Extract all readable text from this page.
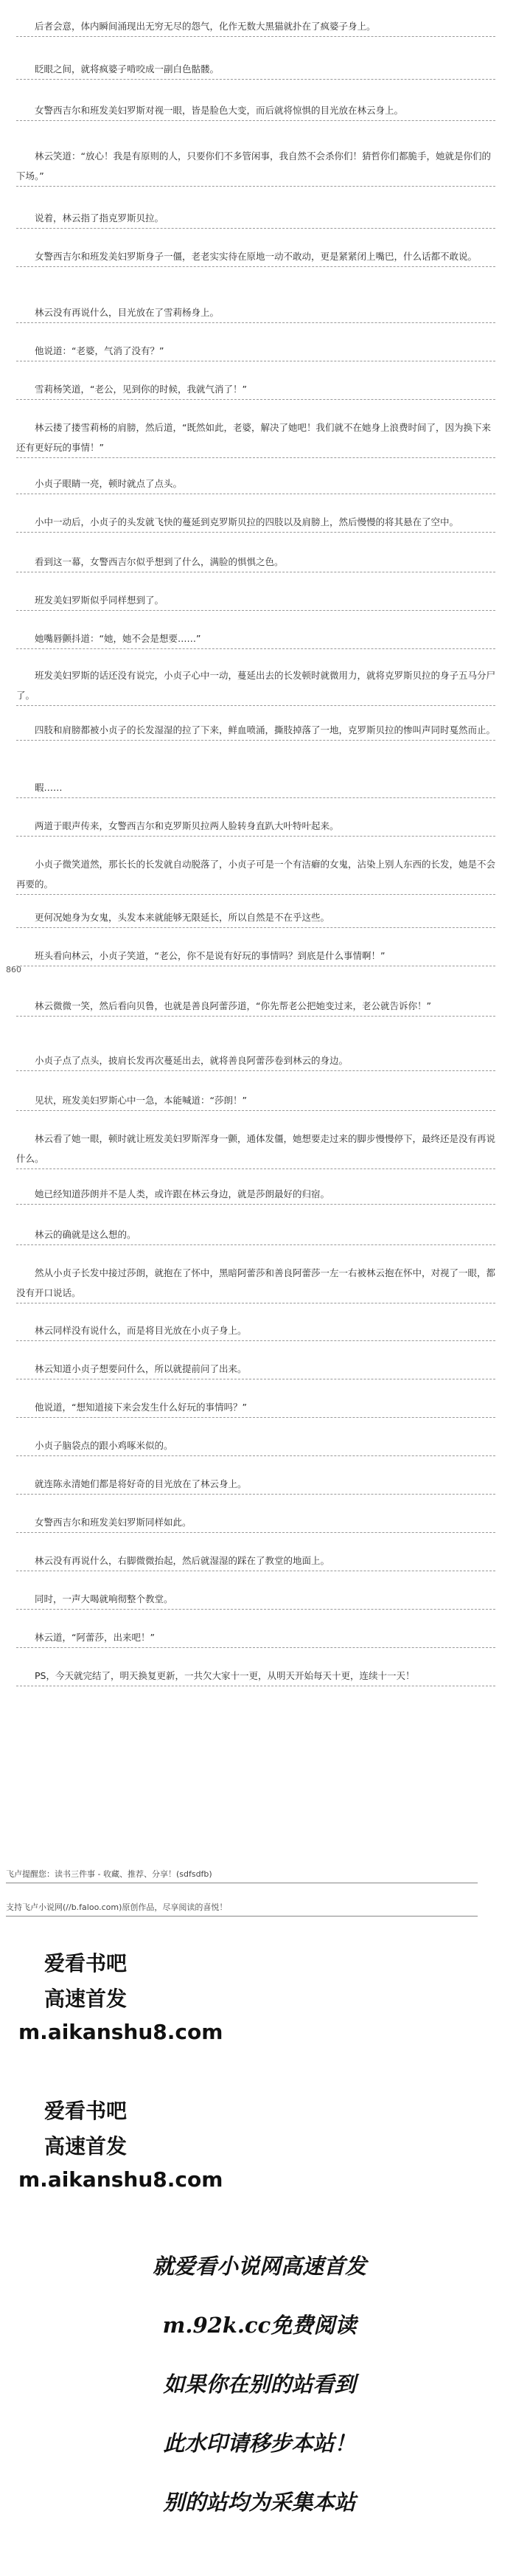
后者会意，体内瞬间涌现出无穷无尽的怨气，化作无数大黑猫就扑在了疯婆子身上。

眨眼之间，就将疯婆子啃咬成一副白色骷髅。

女警西吉尔和班发美妇罗斯对视一眼，皆是脸色大变，而后就将惊惧的目光放在林云身上。

林云笑道：“放心！我是有原则的人，只要你们不多管闲事，我自然不会杀你们！猜哲你们都脆手，她就是你们的下场。”

说着，林云指了指克罗斯贝拉。

女警西吉尔和班发美妇罗斯身子一僵，老老实实待在原地一动不敢动，更是紧紧闭上嘴巴，什么话都不敢说。

林云没有再说什么，目光放在了雪莉杨身上。

他说道：“老婆，气消了没有？”

雪莉杨笑道，“老公，见到你的时候，我就气消了！”

林云搂了搂雪莉杨的肩膀，然后道，“既然如此，老婆，解决了她吧！我们就不在她身上浪费时间了，因为换下来还有更好玩的事情！”

小贞子眼睛一亮，顿时就点了点头。

小中一动后，小贞子的头发就飞快的蔓延到克罗斯贝拉的四肢以及肩膀上，然后慢慢的将其悬在了空中。

看到这一幕，女警西吉尔似乎想到了什么，满脸的惧惧之色。

班发美妇罗斯似乎同样想到了。

她嘴唇颤抖道：“她，她不会是想要……”

班发美妇罗斯的话还没有说完，小贞子心中一动，蔓延出去的长发顿时就微用力，就将克罗斯贝拉的身子五马分尸了。

四肢和肩膀都被小贞子的长发湿湿的拉了下来，鲜血喷涌，撕肢掉落了一地，克罗斯贝拉的惨叫声同时戛然而止。

暇……

两道于眼声传来，女警西吉尔和克罗斯贝拉两人脸转身直趴大叶特叶起来。

小贞子微笑道然，那长长的长发就自动脱落了，小贞子可是一个有洁癖的女鬼，沾染上别人东西的长发，她是不会再要的。

更何况她身为女鬼，头发本来就能够无限延长，所以自然是不在乎这些。

班头看向林云，小贞子笑道，“老公，你不是说有好玩的事情吗？到底是什么事情啊！”

林云微微一笑，然后看向贝鲁，也就是善良阿蕾莎道，“你先帮老公把她变过来，老公就告诉你！”

小贞子点了点头，披肩长发再次蔓延出去，就将善良阿蕾莎卷到林云的身边。

见状，班发美妇罗斯心中一急，本能喊道：“莎朗！”

林云看了她一眼，顿时就让班发美妇罗斯浑身一颤，通体发僵，她想要走过来的脚步慢慢停下，最终还是没有再说什么。

她已经知道莎朗并不是人类，或许跟在林云身边，就是莎朗最好的归宿。

林云的确就是这么想的。

然从小贞子长发中接过莎朗，就抱在了怀中，黑暗阿蕾莎和善良阿蕾莎一左一右被林云抱在怀中，对视了一眼，都没有开口说话。

林云同样没有说什么，而是将目光放在小贞子身上。

林云知道小贞子想要问什么，所以就提前问了出来。

他说道，“想知道接下来会发生什么好玩的事情吗？”

小贞子脑袋点的跟小鸡啄米似的。

就连陈永清她们都是将好奇的目光放在了林云身上。

女警西吉尔和班发美妇罗斯同样如此。

林云没有再说什么，右脚微微抬起，然后就湿湿的踩在了教堂的地面上。

同时，一声大喝就响彻整个教堂。

林云道，“阿蕾莎，出来吧！”

PS，今天就完结了，明天换复更新，一共欠大家十一更，从明天开始每天十更，连续十一天！

860
飞卢提醒您：读书三件事 - 收藏、推荐、分享！(sdfsdfb)
支持飞卢小说网(//b.faloo.com)原创作品，尽享阅读的喜悦！
爱看书吧
高速首发
m.aikanshu8.com
爱看书吧
高速首发
m.aikanshu8.com
就爱看小说网高速首发
m.92k.cc免费阅读
如果你在别的站看到
此水印请移步本站！
别的站均为采集本站
